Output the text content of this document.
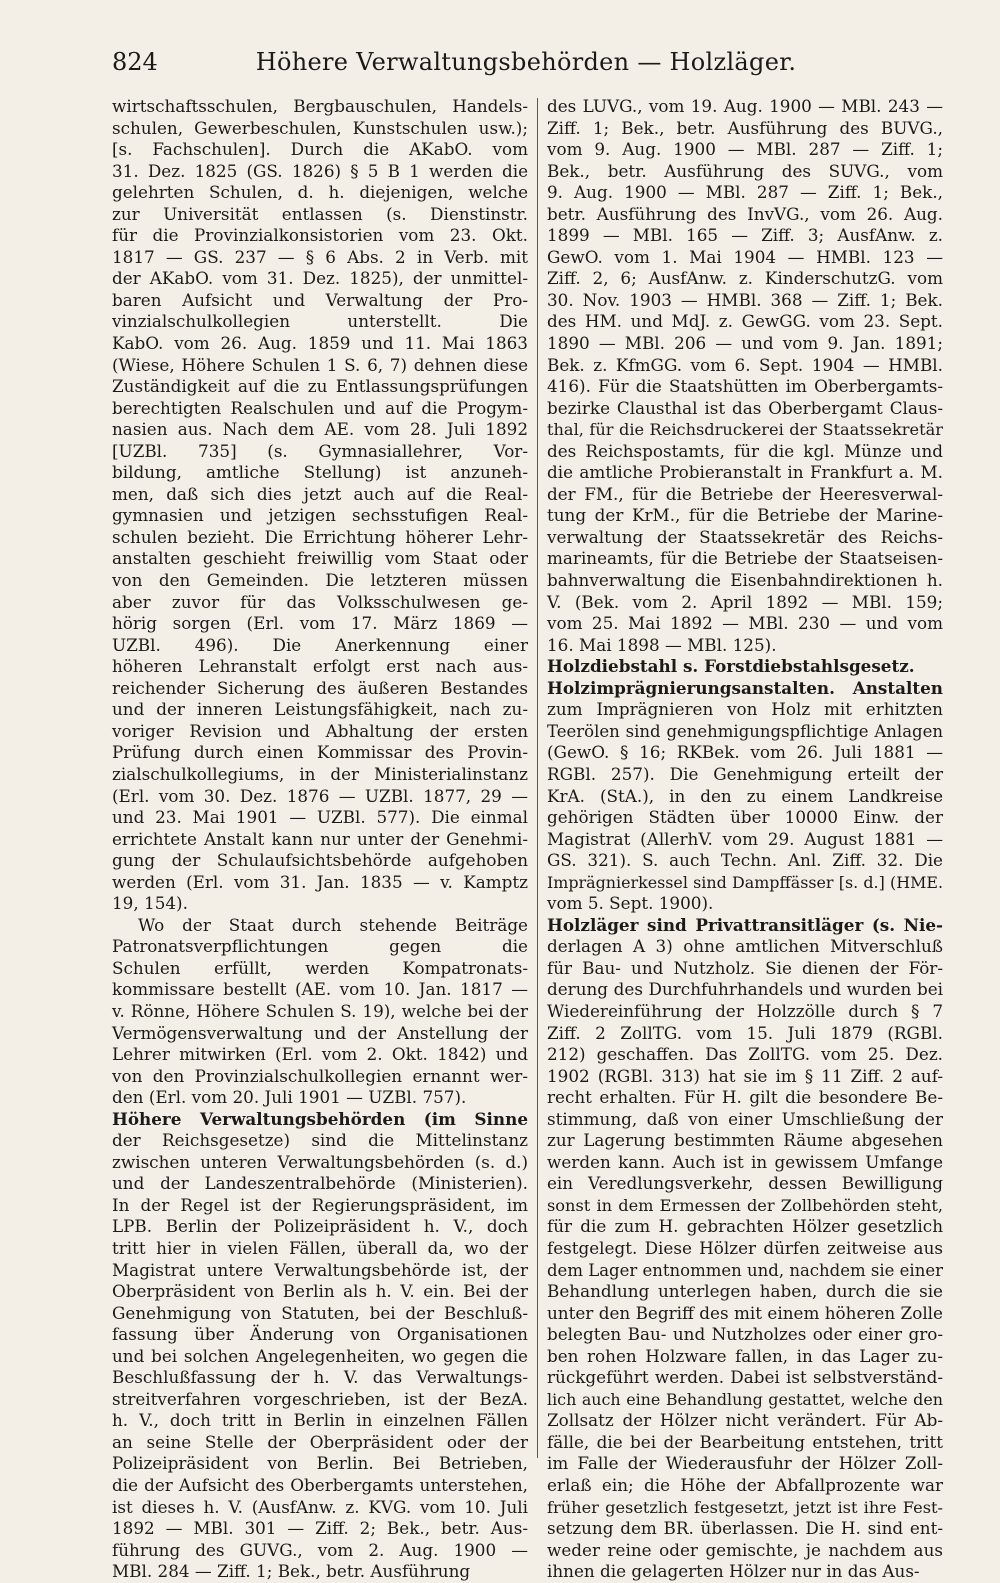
824	Höhere Verwaltungsbehörden — Holzläger.
wirtschaftsschulen, Bergbauschulen, Handels-
schulen, Gewerbeschulen, Kunstschulen usw.);
[s. Fachschulen]. Durch die AKabO. vom
31. Dez. 1825 (GS. 1826) § 5 B 1 werden die
gelehrten Schulen, d. h. diejenigen, welche
zur Universität entlassen (s. Dienstinstr.
für die Provinzialkonsistorien vom 23. Okt.
1817 — GS. 237 — § 6 Abs. 2 in Verb. mit
der AKabO. vom 31. Dez. 1825), der unmittel-
baren Aufsicht und Verwaltung der Pro-
vinzialschulkollegien unterstellt. Die
KabO. vom 26. Aug. 1859 und 11. Mai 1863
(Wiese, Höhere Schulen 1 S. 6, 7) dehnen diese
Zuständigkeit auf die zu Entlassungsprüfungen
berechtigten Realschulen und auf die Progym-
nasien aus. Nach dem AE. vom 28. Juli 1892
[UZBl. 735] (s. Gymnasiallehrer, Vor-
bildung, amtliche Stellung) ist anzuneh-
men, daß sich dies jetzt auch auf die Real-
gymnasien und jetzigen sechsstufigen Real-
schulen bezieht. Die Errichtung höherer Lehr-
anstalten geschieht freiwillig vom Staat oder
von den Gemeinden. Die letzteren müssen
aber zuvor für das Volksschulwesen ge-
hörig sorgen (Erl. vom 17. März 1869 —
UZBl. 496). Die Anerkennung einer
höheren Lehranstalt erfolgt erst nach aus-
reichender Sicherung des äußeren Bestandes
und der inneren Leistungsfähigkeit, nach zu-
voriger Revision und Abhaltung der ersten
Prüfung durch einen Kommissar des Provin-
zialschulkollegiums, in der Ministerialinstanz
(Erl. vom 30. Dez. 1876 — UZBl. 1877, 29 —
und 23. Mai 1901 — UZBl. 577). Die einmal
errichtete Anstalt kann nur unter der Genehmi-
gung der Schulaufsichtsbehörde aufgehoben
werden (Erl. vom 31. Jan. 1835 — v. Kamptz
19, 154).
Wo der Staat durch stehende Beiträge
Patronatsverpflichtungen gegen die
Schulen erfüllt, werden Kompatronats-
kommissare bestellt (AE. vom 10. Jan. 1817 —
v. Rönne, Höhere Schulen S. 19), welche bei der
Vermögensverwaltung und der Anstellung der
Lehrer mitwirken (Erl. vom 2. Okt. 1842) und
von den Provinzialschulkollegien ernannt wer-
den (Erl. vom 20. Juli 1901 — UZBl. 757).
Höhere Verwaltungsbehörden (im Sinne
der Reichsgesetze) sind die Mittelinstanz
zwischen unteren Verwaltungsbehörden (s. d.)
und der Landeszentralbehörde (Ministerien).
In der Regel ist der Regierungspräsident, im
LPB. Berlin der Polizeipräsident h. V., doch
tritt hier in vielen Fällen, überall da, wo der
Magistrat untere Verwaltungsbehörde ist, der
Oberpräsident von Berlin als h. V. ein. Bei der
Genehmigung von Statuten, bei der Beschluß-
fassung über Änderung von Organisationen
und bei solchen Angelegenheiten, wo gegen die
Beschlußfassung der h. V. das Verwaltungs-
streitverfahren vorgeschrieben, ist der BezA.
h. V., doch tritt in Berlin in einzelnen Fällen
an seine Stelle der Oberpräsident oder der
Polizeipräsident von Berlin. Bei Betrieben,
die der Aufsicht des Oberbergamts unterstehen,
ist dieses h. V. (AusfAnw. z. KVG. vom 10. Juli
1892 — MBl. 301 — Ziff. 2; Bek., betr. Aus-
führung des GUVG., vom 2. Aug. 1900 —
MBl. 284 — Ziff. 1; Bek., betr. Ausführung
des LUVG., vom 19. Aug. 1900 — MBl. 243 —
Ziff. 1; Bek., betr. Ausführung des BUVG.,
vom 9. Aug. 1900 — MBl. 287 — Ziff. 1;
Bek., betr. Ausführung des SUVG., vom
9. Aug. 1900 — MBl. 287 — Ziff. 1; Bek.,
betr. Ausführung des InvVG., vom 26. Aug.
1899 — MBl. 165 — Ziff. 3; AusfAnw. z.
GewO. vom 1. Mai 1904 — HMBl. 123 —
Ziff. 2, 6; AusfAnw. z. KinderschutzG. vom
30. Nov. 1903 — HMBl. 368 — Ziff. 1; Bek.
des HM. und MdJ. z. GewGG. vom 23. Sept.
1890 — MBl. 206 — und vom 9. Jan. 1891;
Bek. z. KfmGG. vom 6. Sept. 1904 — HMBl.
416). Für die Staatshütten im Oberbergamts-
bezirke Clausthal ist das Oberbergamt Claus-
thal, für die Reichsdruckerei der Staatssekretär
des Reichspostamts, für die kgl. Münze und
die amtliche Probieranstalt in Frankfurt a. M.
der FM., für die Betriebe der Heeresverwal-
tung der KrM., für die Betriebe der Marine-
verwaltung der Staatssekretär des Reichs-
marineamts, für die Betriebe der Staatseisen-
bahnverwaltung die Eisenbahndirektionen h.
V. (Bek. vom 2. April 1892 — MBl. 159;
vom 25. Mai 1892 — MBl. 230 — und vom
16. Mai 1898 — MBl. 125).
Holzdiebstahl s. Forstdiebstahlsgesetz.
Holzimprägnierungsanstalten. Anstalten
zum Imprägnieren von Holz mit erhitzten
Teerölen sind genehmigungspflichtige Anlagen
(GewO. § 16; RKBek. vom 26. Juli 1881 —
RGBl. 257). Die Genehmigung erteilt der
KrA. (StA.), in den zu einem Landkreise
gehörigen Städten über 10000 Einw. der
Magistrat (AllerhV. vom 29. August 1881 —
GS. 321). S. auch Techn. Anl. Ziff. 32. Die
Imprägnierkessel sind Dampffässer [s. d.] (HME.
vom 5. Sept. 1900).
Holzläger sind Privattransitläger (s. Nie-
derlagen A 3) ohne amtlichen Mitverschluß
für Bau- und Nutzholz. Sie dienen der För-
derung des Durchfuhrhandels und wurden bei
Wiedereinführung der Holzzölle durch § 7
Ziff. 2 ZollTG. vom 15. Juli 1879 (RGBl.
212) geschaffen. Das ZollTG. vom 25. Dez.
1902 (RGBl. 313) hat sie im § 11 Ziff. 2 auf-
recht erhalten. Für H. gilt die besondere Be-
stimmung, daß von einer Umschließung der
zur Lagerung bestimmten Räume abgesehen
werden kann. Auch ist in gewissem Umfange
ein Veredlungsverkehr, dessen Bewilligung
sonst in dem Ermessen der Zollbehörden steht,
für die zum H. gebrachten Hölzer gesetzlich
festgelegt. Diese Hölzer dürfen zeitweise aus
dem Lager entnommen und, nachdem sie einer
Behandlung unterlegen haben, durch die sie
unter den Begriff des mit einem höheren Zolle
belegten Bau- und Nutzholzes oder einer gro-
ben rohen Holzware fallen, in das Lager zu-
rückgeführt werden. Dabei ist selbstverständ-
lich auch eine Behandlung gestattet, welche den
Zollsatz der Hölzer nicht verändert. Für Ab-
fälle, die bei der Bearbeitung entstehen, tritt
im Falle der Wiederausfuhr der Hölzer Zoll-
erlaß ein; die Höhe der Abfallprozente war
früher gesetzlich festgesetzt, jetzt ist ihre Fest-
setzung dem BR. überlassen. Die H. sind ent-
weder reine oder gemischte, je nachdem aus
ihnen die gelagerten Hölzer nur in das Aus-
